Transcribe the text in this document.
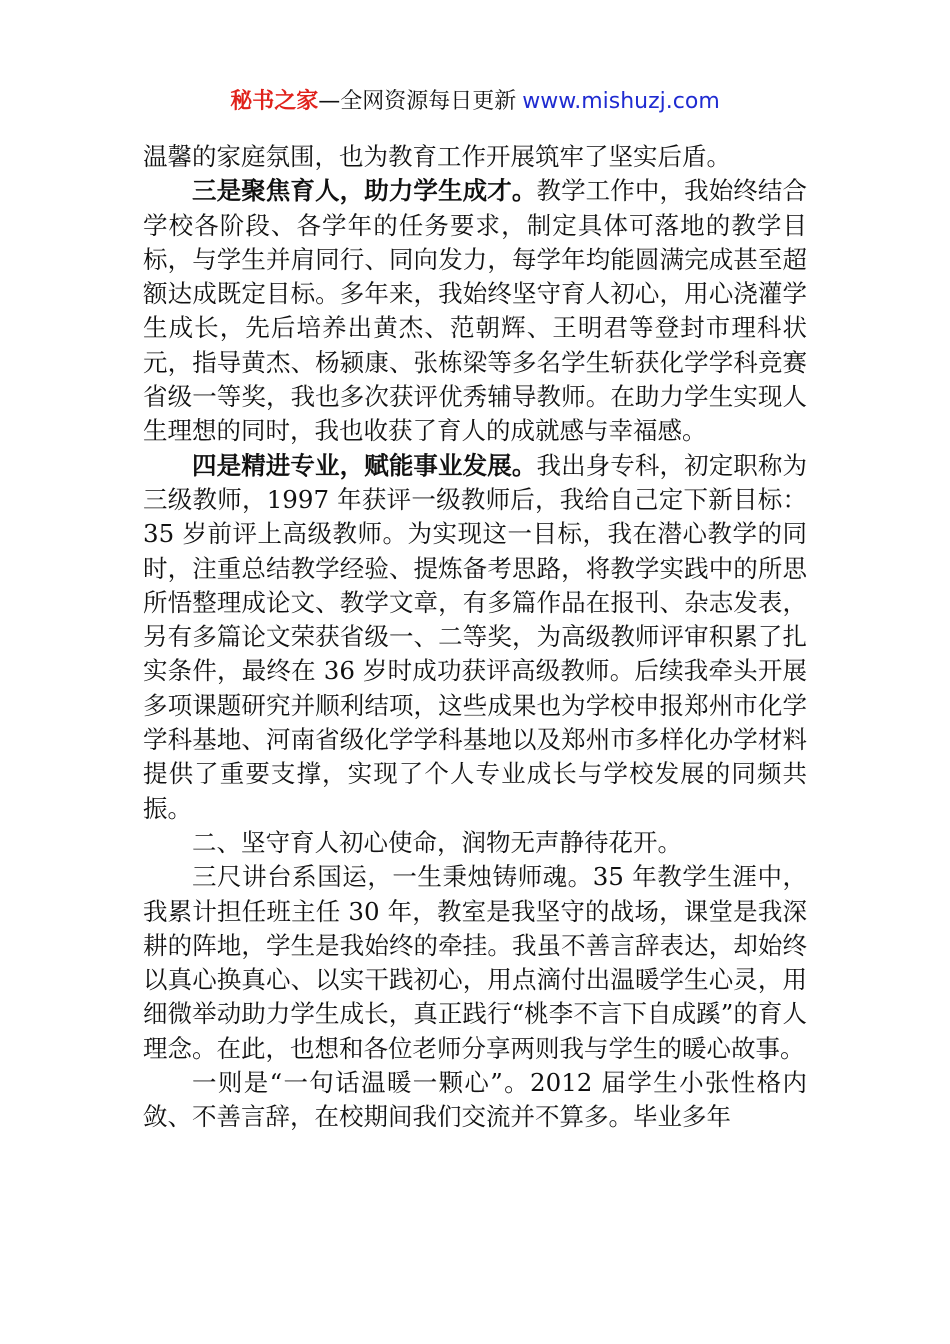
秘书之家—全网资源每日更新 www.mishuzj.com

温馨的家庭氛围，也为教育工作开展筑牢了坚实后盾。

三是聚焦育人，助力学生成才。教学工作中，我始终结合学校各阶段、各学年的任务要求，制定具体可落地的教学目标，与学生并肩同行、同向发力，每学年均能圆满完成甚至超额达成既定目标。多年来，我始终坚守育人初心，用心浇灌学生成长，先后培养出黄杰、范朝辉、王明君等登封市理科状元，指导黄杰、杨颍康、张栋梁等多名学生斩获化学学科竞赛省级一等奖，我也多次获评优秀辅导教师。在助力学生实现人生理想的同时，我也收获了育人的成就感与幸福感。

四是精进专业，赋能事业发展。我出身专科，初定职称为三级教师，1997 年获评一级教师后，我给自己定下新目标：35 岁前评上高级教师。为实现这一目标，我在潜心教学的同时，注重总结教学经验、提炼备考思路，将教学实践中的所思所悟整理成论文、教学文章，有多篇作品在报刊、杂志发表，另有多篇论文荣获省级一、二等奖，为高级教师评审积累了扎实条件，最终在 36 岁时成功获评高级教师。后续我牵头开展多项课题研究并顺利结项，这些成果也为学校申报郑州市化学学科基地、河南省级化学学科基地以及郑州市多样化办学材料提供了重要支撑，实现了个人专业成长与学校发展的同频共振。

二、坚守育人初心使命，润物无声静待花开。

三尺讲台系国运，一生秉烛铸师魂。35 年教学生涯中，我累计担任班主任 30 年，教室是我坚守的战场，课堂是我深耕的阵地，学生是我始终的牵挂。我虽不善言辞表达，却始终以真心换真心、以实干践初心，用点滴付出温暖学生心灵，用细微举动助力学生成长，真正践行“桃李不言下自成蹊”的育人理念。在此，也想和各位老师分享两则我与学生的暖心故事。

一则是“一句话温暖一颗心”。2012 届学生小张性格内敛、不善言辞，在校期间我们交流并不算多。毕业多年
